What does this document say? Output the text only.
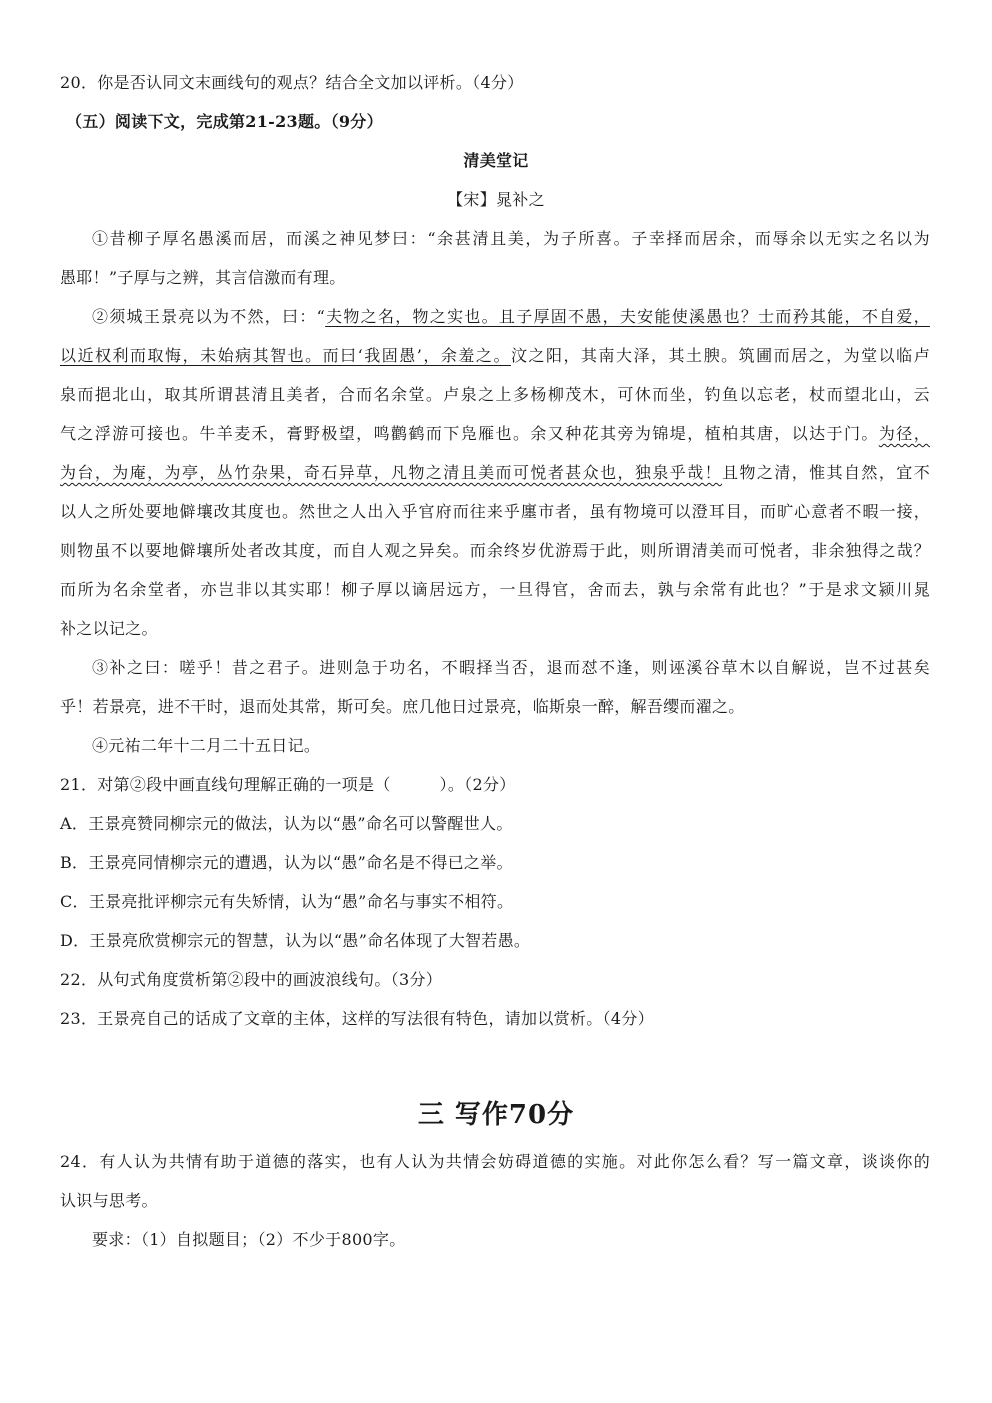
20．你是否认同文末画线句的观点？结合全文加以评析。（4分）
（五）阅读下文，完成第21-23题。（9分）
清美堂记
【宋】晁补之
①昔柳子厚名愚溪而居，而溪之神见梦曰：“余甚清且美，为子所喜。子幸择而居余，而辱余以无实之名以为
愚耶！”子厚与之辨，其言信激而有理。
②须城王景亮以为不然，曰：“夫物之名，物之实也。且子厚固不愚，夫安能使溪愚也？士而矜其能，不自爱，
以近权利而取悔，未始病其智也。而曰‘我固愚’，余羞之。汶之阳，其南大泽，其土腴。筑圃而居之，为堂以临卢
泉而挹北山，取其所谓甚清且美者，合而名余堂。卢泉之上多杨柳茂木，可休而坐，钓鱼以忘老，杖而望北山，云
气之浮游可接也。牛羊麦禾，膏野极望，鸣鹳鹤而下凫雁也。余又种花其旁为锦堤，植柏其唐，以达于门。为径，
为台，为庵，为亭，丛竹杂果，奇石异草，凡物之清且美而可悦者甚众也，独泉乎哉！且物之清，惟其自然，宜不
以人之所处要地僻壤改其度也。然世之人出入乎官府而往来乎廛市者，虽有物境可以澄耳目，而旷心意者不暇一接，
则物虽不以要地僻壤所处者改其度，而自人观之异矣。而余终岁优游焉于此，则所谓清美而可悦者，非余独得之哉？
而所为名余堂者，亦岂非以其实耶！柳子厚以谪居远方，一旦得官，舍而去，孰与余常有此也？”于是求文颍川晁
补之以记之。
③补之曰：嗟乎！昔之君子。进则急于功名，不暇择当否，退而怼不逢，则诬溪谷草木以自解说，岂不过甚矣
乎！若景亮，进不干时，退而处其常，斯可矣。庶几他日过景亮，临斯泉一醉，解吾缨而濯之。
④元祐二年十二月二十五日记。
21．对第②段中画直线句理解正确的一项是（　　　）。（2分）
A．王景亮赞同柳宗元的做法，认为以“愚”命名可以警醒世人。
B．王景亮同情柳宗元的遭遇，认为以“愚”命名是不得已之举。
C．王景亮批评柳宗元有失矫情，认为“愚”命名与事实不相符。
D．王景亮欣赏柳宗元的智慧，认为以“愚”命名体现了大智若愚。
22．从句式角度赏析第②段中的画波浪线句。（3分）
23．王景亮自己的话成了文章的主体，这样的写法很有特色，请加以赏析。（4分）
三 写作70分
24．有人认为共情有助于道德的落实，也有人认为共情会妨碍道德的实施。对此你怎么看？写一篇文章，谈谈你的
认识与思考。
要求：（1）自拟题目；（2）不少于800字。
